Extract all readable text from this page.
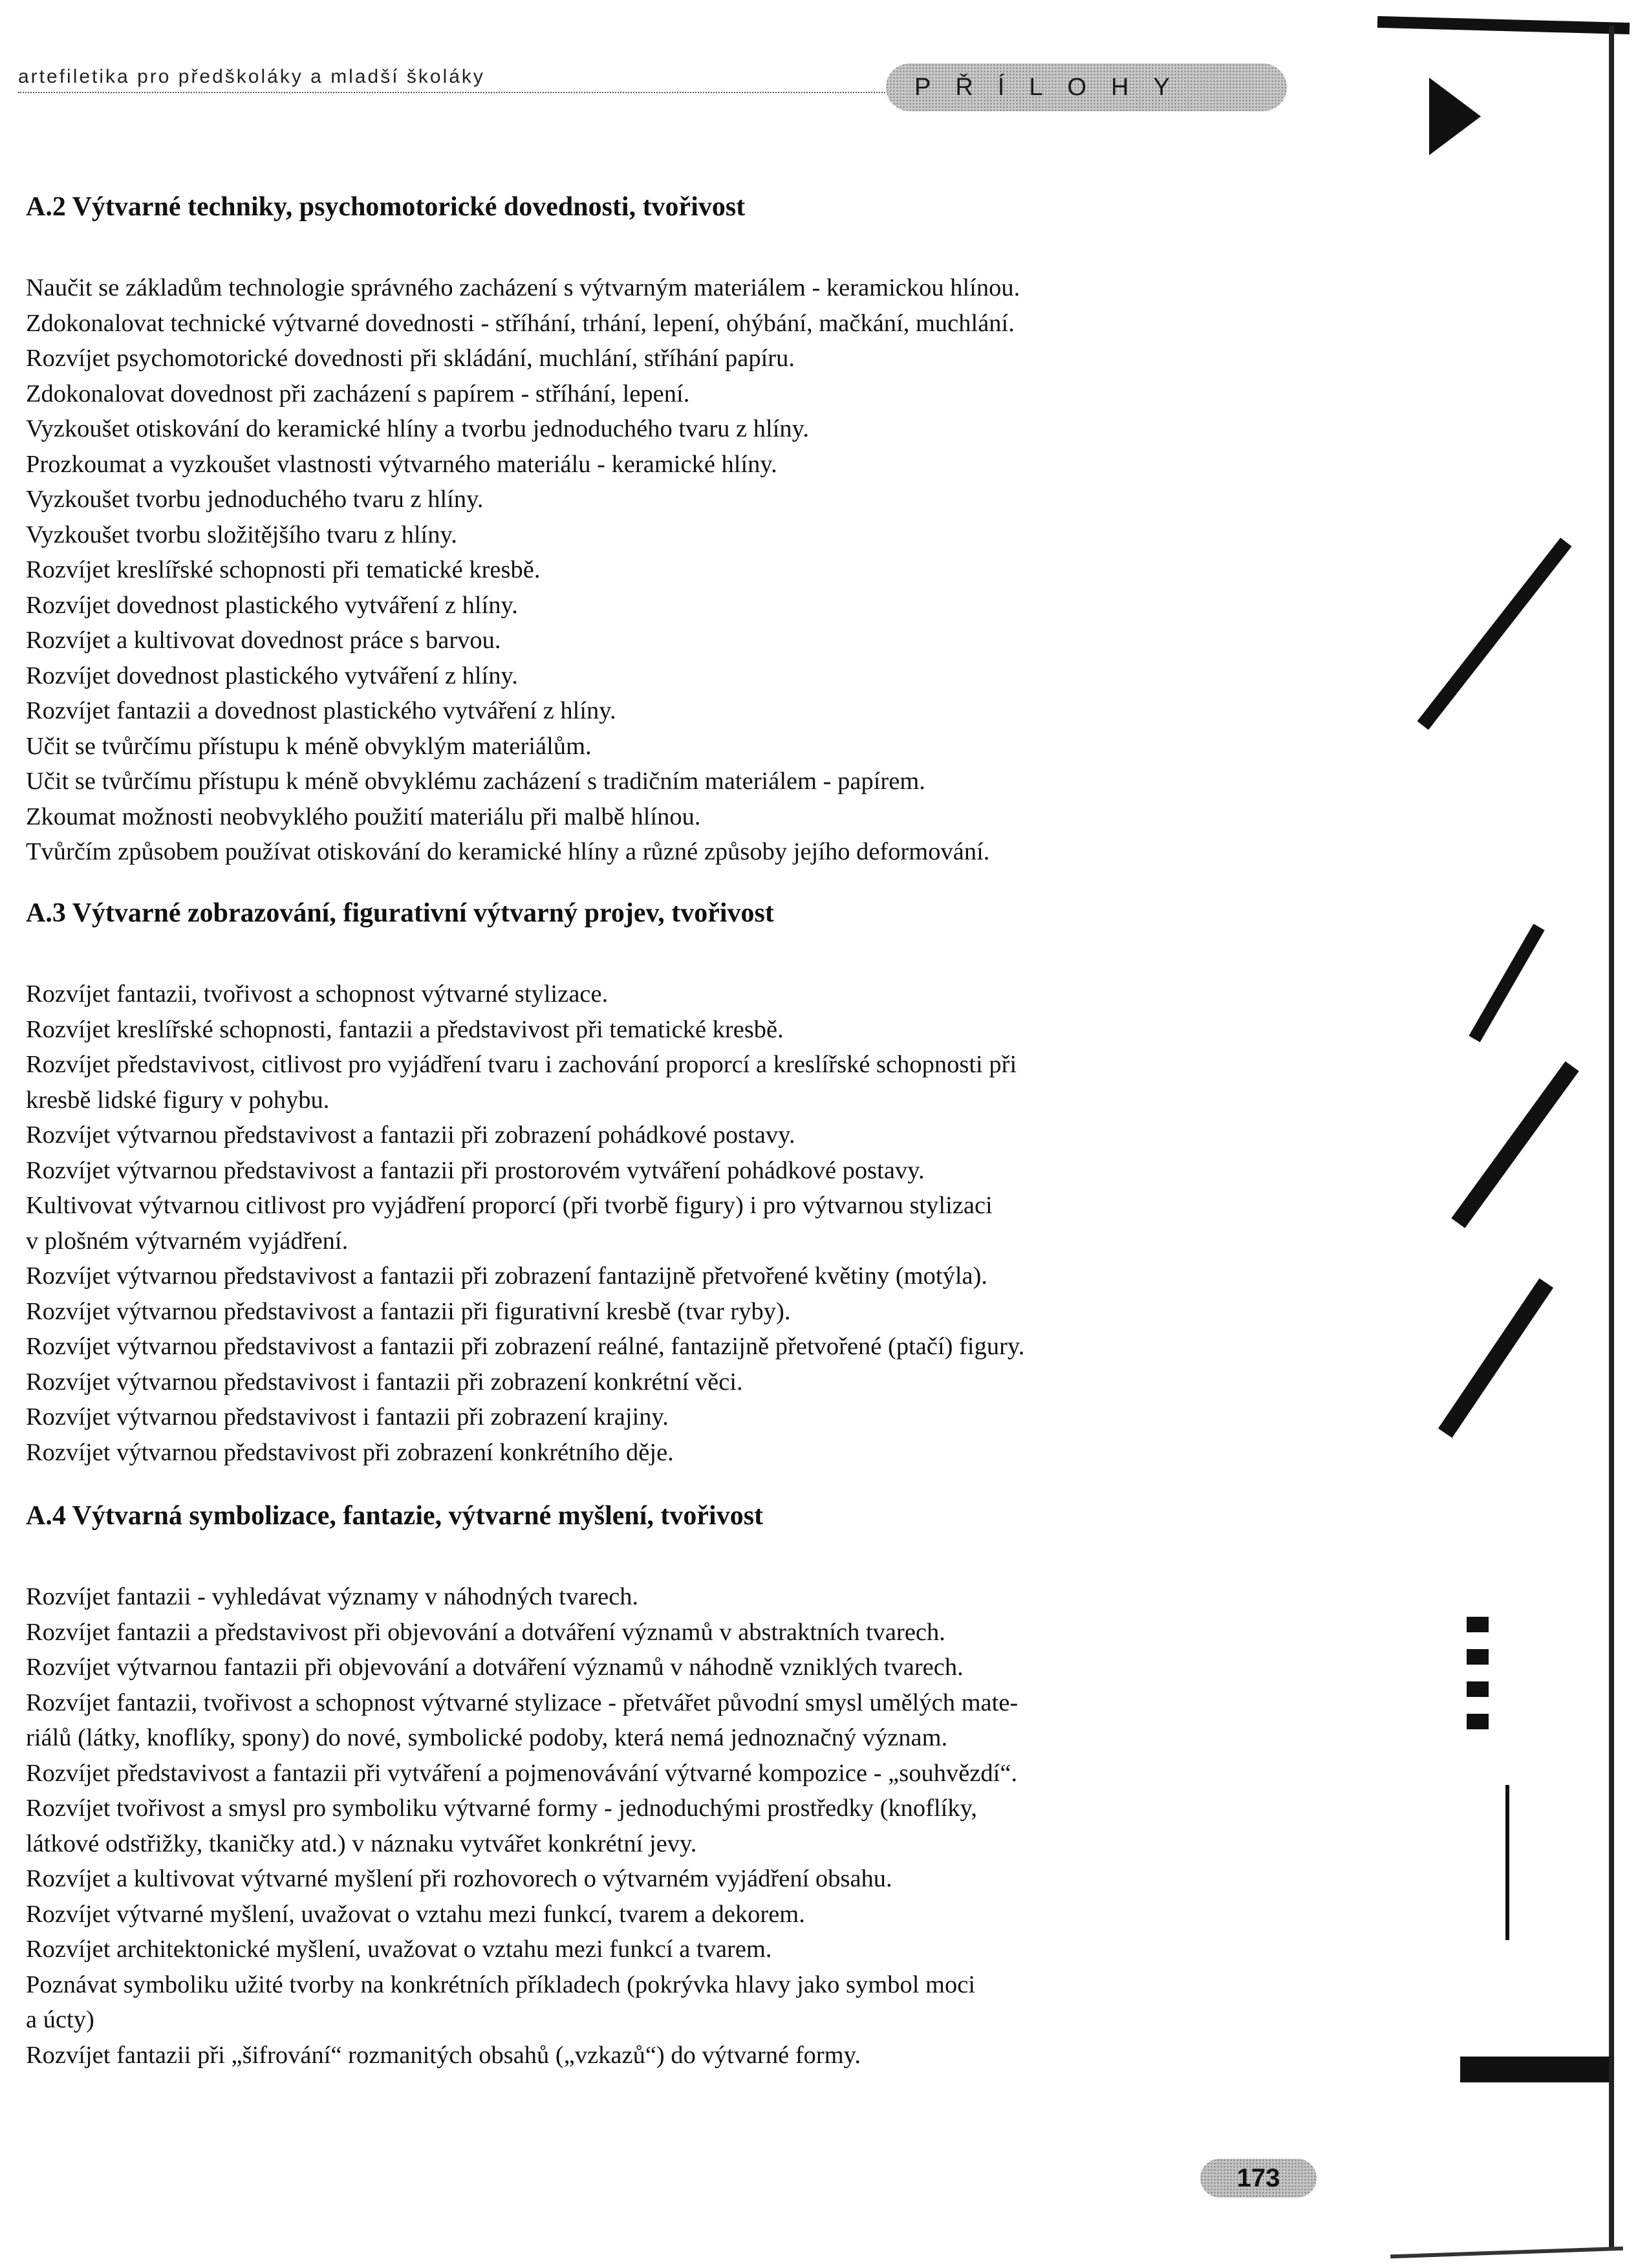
artefiletika pro předškoláky a mladší školáky	PŘÍLOHY
A.2 Výtvarné techniky, psychomotorické dovednosti, tvořivost
Naučit se základům technologie správného zacházení s výtvarným materiálem - keramickou hlínou.
Zdokonalovat technické výtvarné dovednosti - stříhání, trhání, lepení, ohýbání, mačkání, muchlání.
Rozvíjet psychomotorické dovednosti při skládání, muchlání, stříhání papíru.
Zdokonalovat dovednost při zacházení s papírem - stříhání, lepení.
Vyzkoušet otiskování do keramické hlíny a tvorbu jednoduchého tvaru z hlíny.
Prozkoumat a vyzkoušet vlastnosti výtvarného materiálu - keramické hlíny.
Vyzkoušet tvorbu jednoduchého tvaru z hlíny.
Vyzkoušet tvorbu složitějšího tvaru z hlíny.
Rozvíjet kreslířské schopnosti při tematické kresbě.
Rozvíjet dovednost plastického vytváření z hlíny.
Rozvíjet a kultivovat dovednost práce s barvou.
Rozvíjet dovednost plastického vytváření z hlíny.
Rozvíjet fantazii a dovednost plastického vytváření z hlíny.
Učit se tvůrčímu přístupu k méně obvyklým materiálům.
Učit se tvůrčímu přístupu k méně obvyklému zacházení s tradičním materiálem - papírem.
Zkoumat možnosti neobvyklého použití materiálu při malbě hlínou.
Tvůrčím způsobem používat otiskování do keramické hlíny a různé způsoby jejího deformování.
A.3 Výtvarné zobrazování, figurativní výtvarný projev, tvořivost
Rozvíjet fantazii, tvořivost a schopnost výtvarné stylizace.
Rozvíjet kreslířské schopnosti, fantazii a představivost při tematické kresbě.
Rozvíjet představivost, citlivost pro vyjádření tvaru i zachování proporcí a kreslířské schopnosti při
kresbě lidské figury v pohybu.
Rozvíjet výtvarnou představivost a fantazii při zobrazení pohádkové postavy.
Rozvíjet výtvarnou představivost a fantazii při prostorovém vytváření pohádkové postavy.
Kultivovat výtvarnou citlivost pro vyjádření proporcí (při tvorbě figury) i pro výtvarnou stylizaci
v plošném výtvarném vyjádření.
Rozvíjet výtvarnou představivost a fantazii při zobrazení fantazijně přetvořené květiny (motýla).
Rozvíjet výtvarnou představivost a fantazii při figurativní kresbě (tvar ryby).
Rozvíjet výtvarnou představivost a fantazii při zobrazení reálné, fantazijně přetvořené (ptačí) figury.
Rozvíjet výtvarnou představivost i fantazii při zobrazení konkrétní věci.
Rozvíjet výtvarnou představivost i fantazii při zobrazení krajiny.
Rozvíjet výtvarnou představivost při zobrazení konkrétního děje.
A.4 Výtvarná symbolizace, fantazie, výtvarné myšlení, tvořivost
Rozvíjet fantazii - vyhledávat významy v náhodných tvarech.
Rozvíjet fantazii a představivost při objevování a dotváření významů v abstraktních tvarech.
Rozvíjet výtvarnou fantazii při objevování a dotváření významů v náhodně vzniklých tvarech.
Rozvíjet fantazii, tvořivost a schopnost výtvarné stylizace - přetvářet původní smysl umělých mate-
riálů (látky, knoflíky, spony) do nové, symbolické podoby, která nemá jednoznačný význam.
Rozvíjet představivost a fantazii při vytváření a pojmenovávání výtvarné kompozice - „souhvězdí“.
Rozvíjet tvořivost a smysl pro symboliku výtvarné formy - jednoduchými prostředky (knoflíky,
látkové odstřižky, tkaničky atd.) v náznaku vytvářet konkrétní jevy.
Rozvíjet a kultivovat výtvarné myšlení při rozhovorech o výtvarném vyjádření obsahu.
Rozvíjet výtvarné myšlení, uvažovat o vztahu mezi funkcí, tvarem a dekorem.
Rozvíjet architektonické myšlení, uvažovat o vztahu mezi funkcí a tvarem.
Poznávat symboliku užité tvorby na konkrétních příkladech (pokrývka hlavy jako symbol moci
a úcty)
Rozvíjet fantazii při „šifrování“ rozmanitých obsahů („vzkazů“) do výtvarné formy.
173
